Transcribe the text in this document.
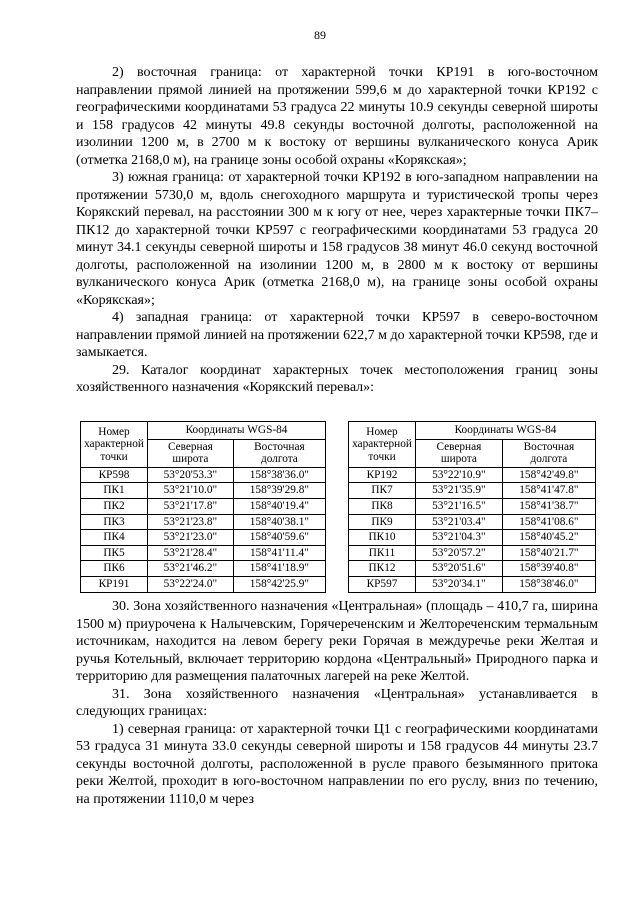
89

2) восточная граница: от характерной точки КР191 в юго-восточном направлении прямой линией на протяжении 599,6 м до характерной точки КР192 с географическими координатами 53 градуса 22 минуты 10.9 секунды северной широты и 158 градусов 42 минуты 49.8 секунды восточной долготы, расположенной на изолинии 1200 м, в 2700 м к востоку от вершины вулканического конуса Арик (отметка 2168,0 м), на границе зоны особой охраны «Корякская»;

3) южная граница: от характерной точки КР192 в юго-западном направлении на протяжении 5730,0 м, вдоль снегоходного маршрута и туристической тропы через Корякский перевал, на расстоянии 300 м к югу от нее, через характерные точки ПК7–ПК12 до характерной точки КР597 с географическими координатами 53 градуса 20 минут 34.1 секунды северной широты и 158 градусов 38 минут 46.0 секунд восточной долготы, расположенной на изолинии 1200 м, в 2800 м к востоку от вершины вулканического конуса Арик (отметка 2168,0 м), на границе зоны особой охраны «Корякская»;

4) западная граница: от характерной точки КР597 в северо-восточном направлении прямой линией на протяжении 622,7 м до характерной точки КР598, где и замыкается.

29. Каталог координат характерных точек местоположения границ зоны хозяйственного назначения «Корякский перевал»:

Номер характерной точки	Координаты WGS-84	
	Северная широта	Восточная долгота
КР598	53°20'53.3"	158°38'36.0"
ПК1	53°21'10.0"	158°39'29.8"
ПК2	53°21'17.8"	158°40'19.4"
ПК3	53°21'23.8"	158°40'38.1"
ПК4	53°21'23.0"	158°40'59.6"
ПК5	53°21'28.4"	158°41'11.4"
ПК6	53°21'46.2"	158°41'18.9"
КР191	53°22'24.0"	158°42'25.9"
Номер характерной точки	Координаты WGS-84	
	Северная широта	Восточная долгота
КР192	53°22'10.9"	158°42'49.8"
ПК7	53°21'35.9"	158°41'47.8"
ПК8	53°21'16.5"	158°41'38.7"
ПК9	53°21'03.4"	158°41'08.6"
ПК10	53°21'04.3"	158°40'45.2"
ПК11	53°20'57.2"	158°40'21.7"
ПК12	53°20'51.6"	158°39'40.8"
КР597	53°20'34.1"	158°38'46.0"

30. Зона хозяйственного назначения «Центральная» (площадь – 410,7 га, ширина 1500 м) приурочена к Налычевским, Горячереченским и Желтореченским термальным источникам, находится на левом берегу реки Горячая в междуречье реки Желтая и ручья Котельный, включает территорию кордона «Центральный» Природного парка и территорию для размещения палаточных лагерей на реке Желтой.

31. Зона хозяйственного назначения «Центральная» устанавливается в следующих границах:

1) северная граница: от характерной точки Ц1 с географическими координатами 53 градуса 31 минута 33.0 секунды северной широты и 158 градусов 44 минуты 23.7 секунды восточной долготы, расположенной в русле правого безымянного притока реки Желтой, проходит в юго-восточном направлении по его руслу, вниз по течению, на протяжении 1110,0 м через
